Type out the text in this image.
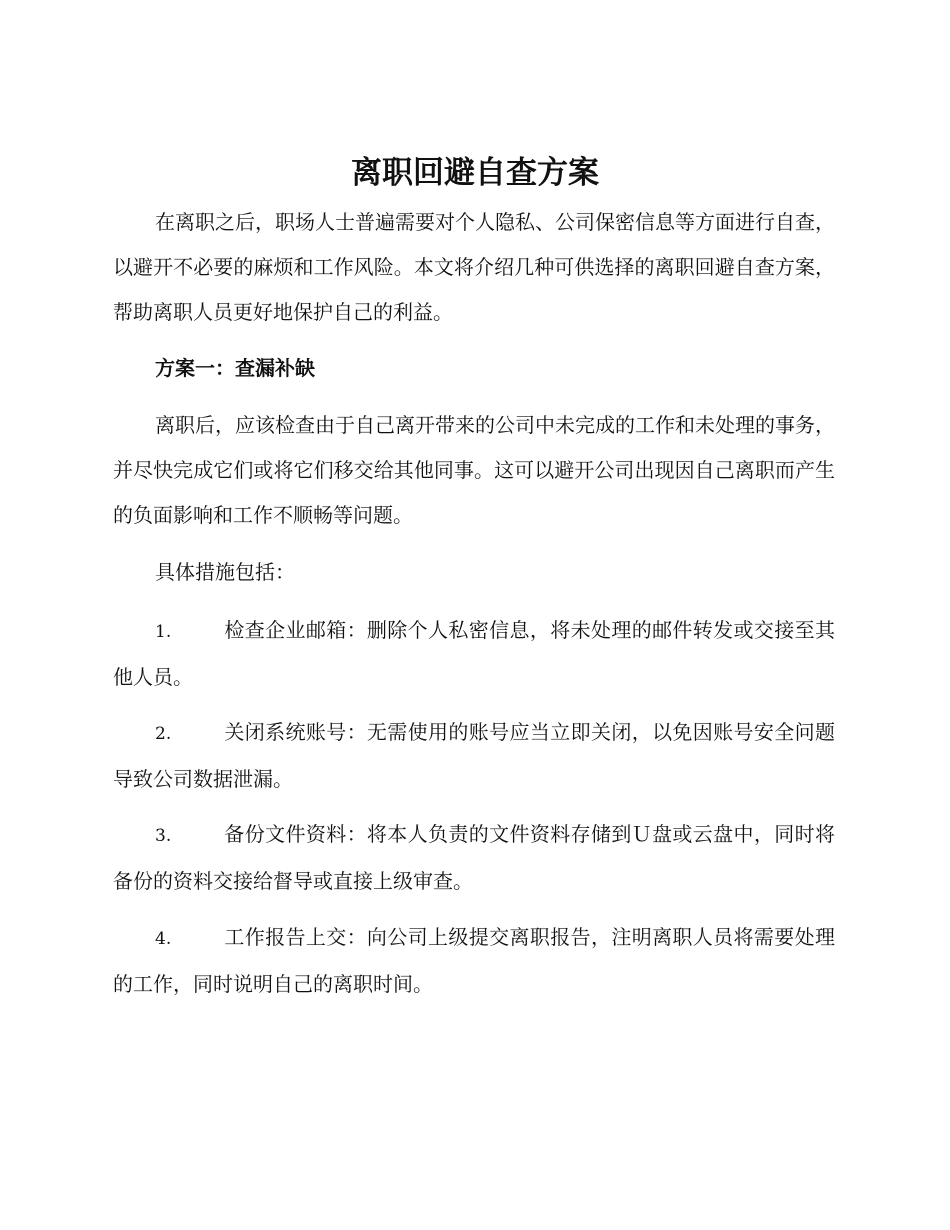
离职回避自查方案

在离职之后，职场人士普遍需要对个人隐私、公司保密信息等方面进行自查，以避开不必要的麻烦和工作风险。本文将介绍几种可供选择的离职回避自查方案，帮助离职人员更好地保护自己的利益。

方案一：查漏补缺

离职后，应该检查由于自己离开带来的公司中未完成的工作和未处理的事务，并尽快完成它们或将它们移交给其他同事。这可以避开公司出现因自己离职而产生的负面影响和工作不顺畅等问题。

具体措施包括：

1.	检查企业邮箱：删除个人私密信息，将未处理的邮件转发或交接至其他人员。

2.	关闭系统账号：无需使用的账号应当立即关闭，以免因账号安全问题导致公司数据泄漏。

3.	备份文件资料：将本人负责的文件资料存储到Ｕ盘或云盘中，同时将备份的资料交接给督导或直接上级审查。

4.	工作报告上交：向公司上级提交离职报告，注明离职人员将需要处理的工作，同时说明自己的离职时间。
